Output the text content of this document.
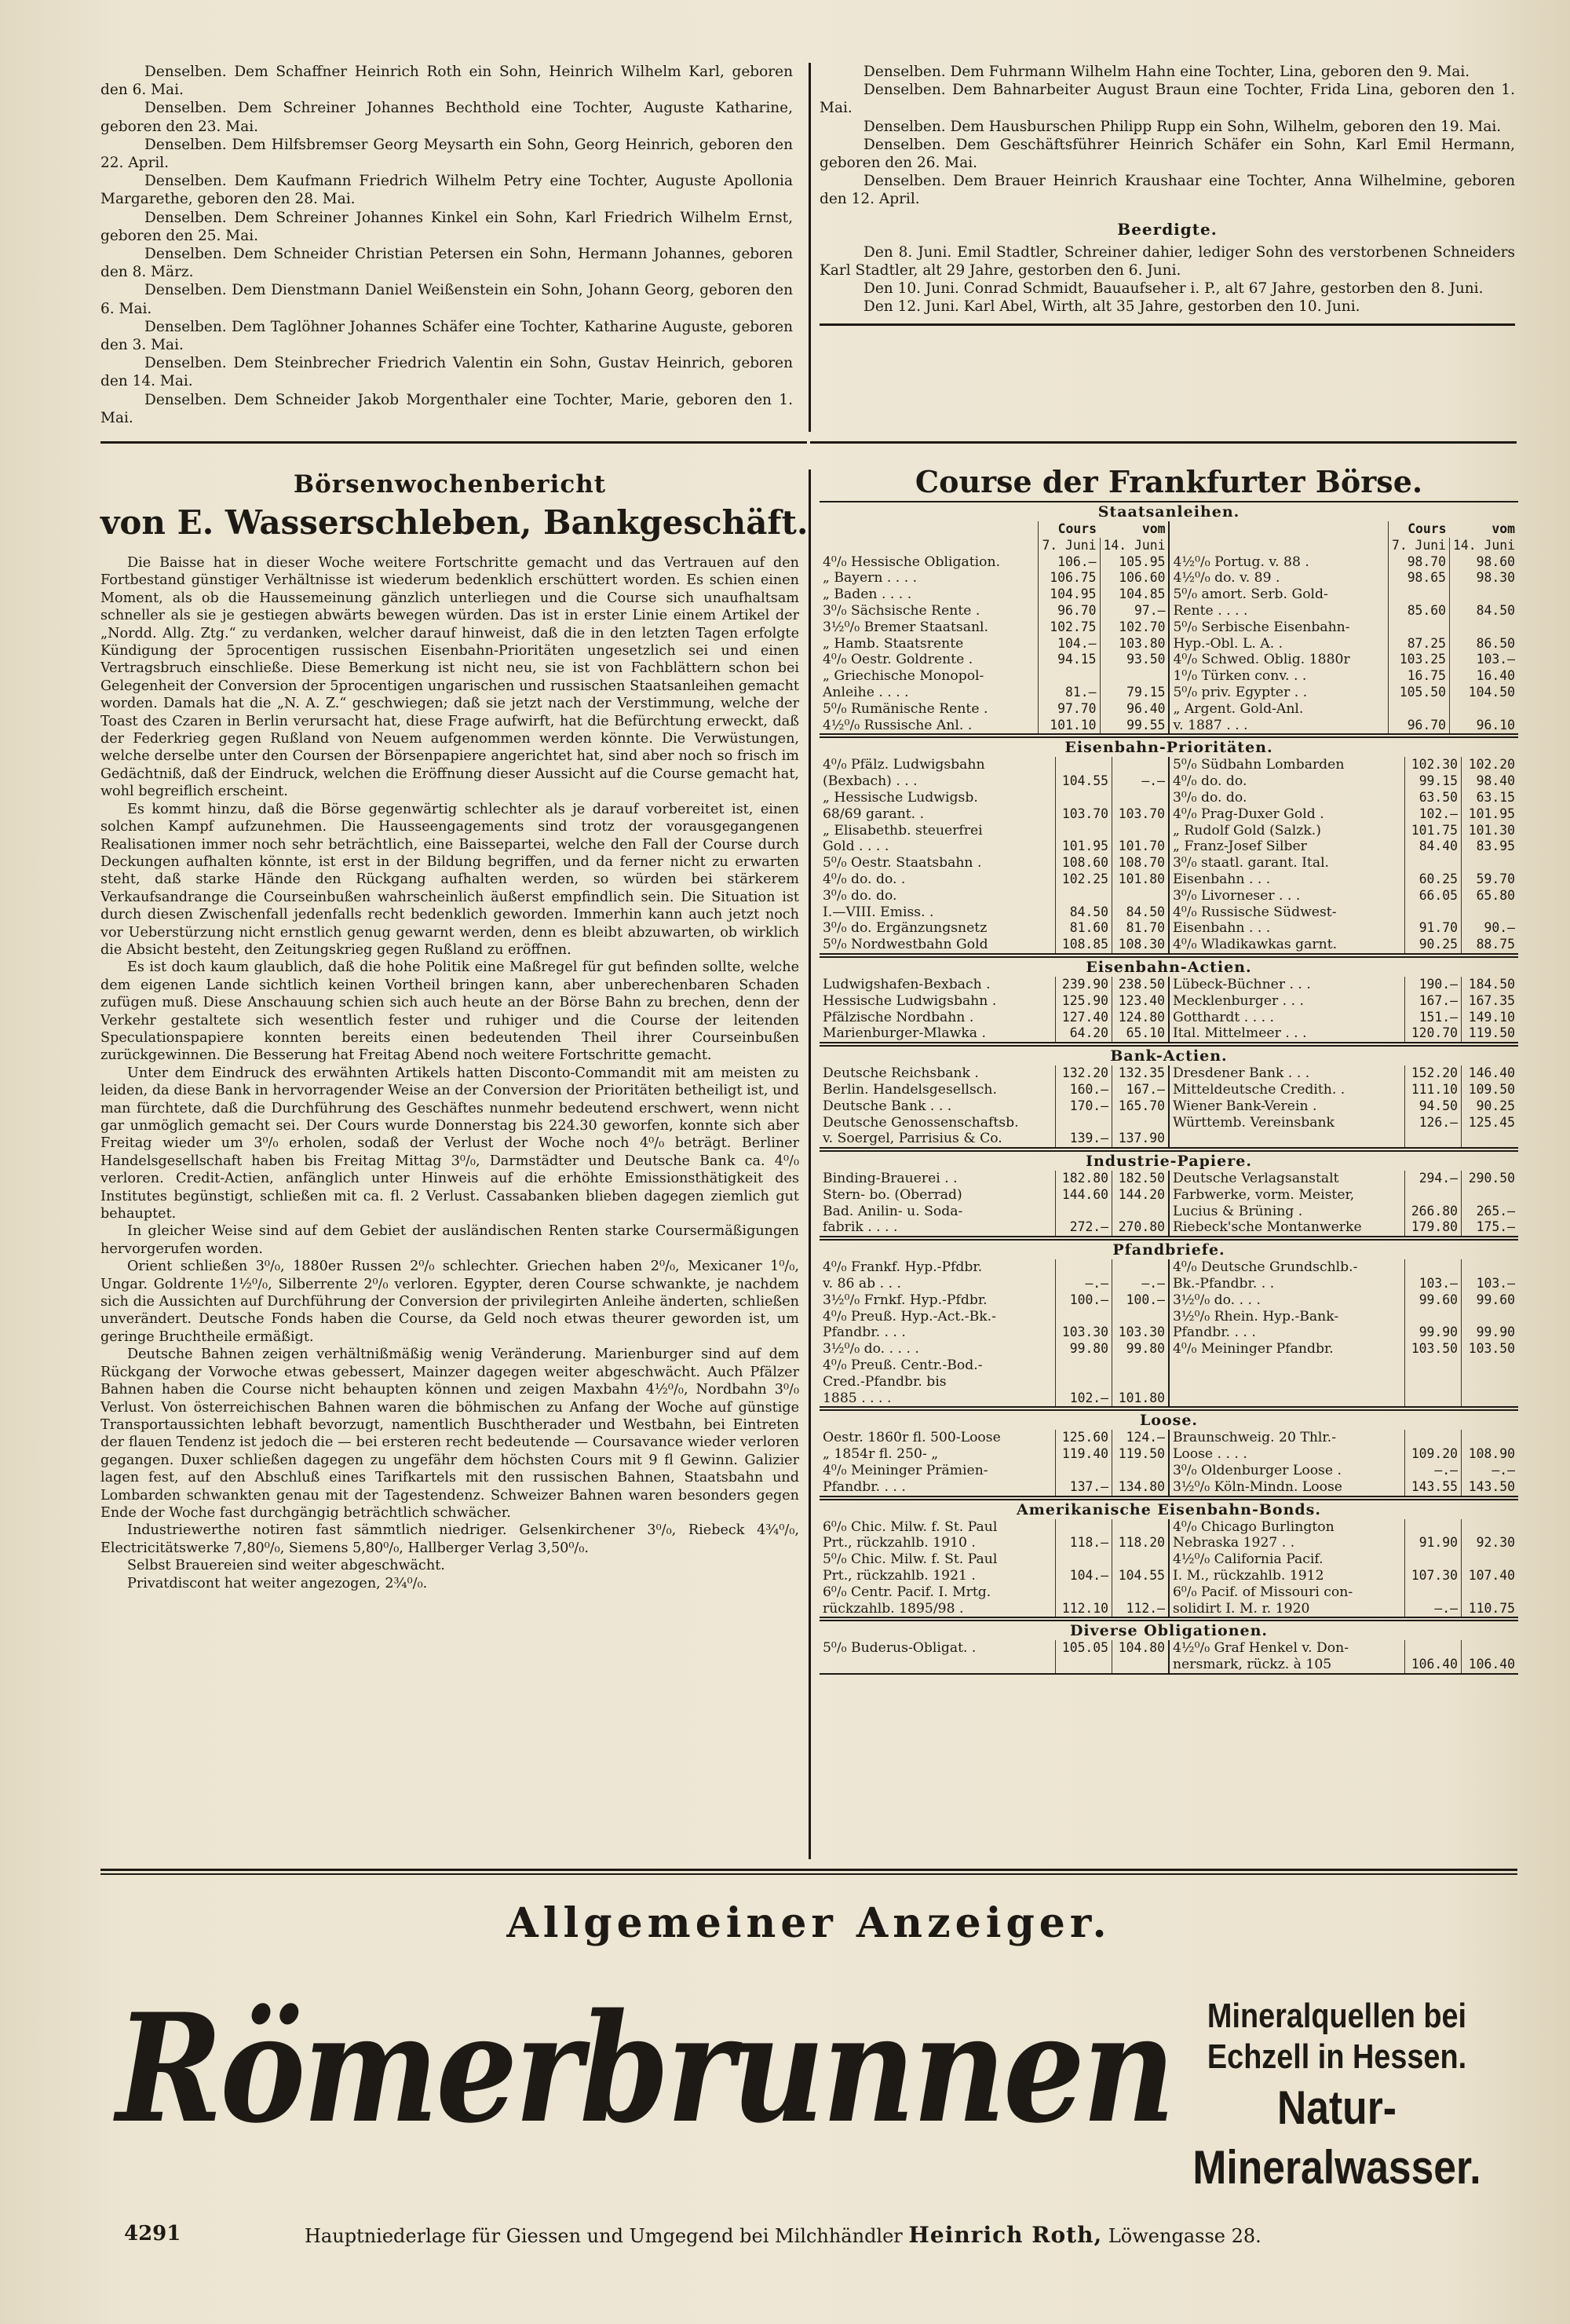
Denselben. Dem Schaffner Heinrich Roth ein Sohn, Heinrich Wilhelm Karl, geboren den 6. Mai.
Denselben. Dem Schreiner Johannes Bechthold eine Tochter, Auguste Katharine, geboren den 23. Mai.
Denselben. Dem Hilfsbremser Georg Meysarth ein Sohn, Georg Heinrich, geboren den 22. April.
Denselben. Dem Kaufmann Friedrich Wilhelm Petry eine Tochter, Auguste Apollonia Margarethe, geboren den 28. Mai.
Denselben. Dem Schreiner Johannes Kinkel ein Sohn, Karl Friedrich Wilhelm Ernst, geboren den 25. Mai.
Denselben. Dem Schneider Christian Petersen ein Sohn, Hermann Johannes, geboren den 8. März.
Denselben. Dem Dienstmann Daniel Weißenstein ein Sohn, Johann Georg, geboren den 6. Mai.
Denselben. Dem Taglöhner Johannes Schäfer eine Tochter, Katharine Auguste, geboren den 3. Mai.
Denselben. Dem Steinbrecher Friedrich Valentin ein Sohn, Gustav Heinrich, geboren den 14. Mai.
Denselben. Dem Schneider Jakob Morgenthaler eine Tochter, Marie, geboren den 1. Mai.
Denselben. Dem Fuhrmann Wilhelm Hahn eine Tochter, Lina, geboren den 9. Mai.
Denselben. Dem Bahnarbeiter August Braun eine Tochter, Frida Lina, geboren den 1. Mai.
Denselben. Dem Hausburschen Philipp Rupp ein Sohn, Wilhelm, geboren den 19. Mai.
Denselben. Dem Geschäftsführer Heinrich Schäfer ein Sohn, Karl Emil Hermann, geboren den 26. Mai.
Denselben. Dem Brauer Heinrich Kraushaar eine Tochter, Anna Wilhelmine, geboren den 12. April.
Beerdigte.
Den 8. Juni. Emil Stadtler, Schreiner dahier, lediger Sohn des verstorbenen Schneiders Karl Stadtler, alt 29 Jahre, gestorben den 6. Juni.
Den 10. Juni. Conrad Schmidt, Bauaufseher i. P., alt 67 Jahre, gestorben den 8. Juni.
Den 12. Juni. Karl Abel, Wirth, alt 35 Jahre, gestorben den 10. Juni.
Börsenwochenbericht
von E. Wasserschleben, Bankgeschäft.

Die Baisse hat in dieser Woche weitere Fortschritte gemacht und das Vertrauen auf den Fortbestand günstiger Verhältnisse ist wiederum bedenklich erschüttert worden. Es schien einen Moment, als ob die Haussemeinung gänzlich unterliegen und die Course sich unaufhaltsam schneller als sie je gestiegen abwärts bewegen würden. Das ist in erster Linie einem Artikel der „Nordd. Allg. Ztg.“ zu verdanken, welcher darauf hinweist, daß die in den letzten Tagen erfolgte Kündigung der 5procentigen russischen Eisenbahn-Prioritäten ungesetzlich sei und einen Vertragsbruch einschließe. Diese Bemerkung ist nicht neu, sie ist von Fachblättern schon bei Gelegenheit der Conversion der 5procentigen ungarischen und russischen Staatsanleihen gemacht worden. Damals hat die „N. A. Z.“ geschwiegen; daß sie jetzt nach der Verstimmung, welche der Toast des Czaren in Berlin verursacht hat, diese Frage aufwirft, hat die Befürchtung erweckt, daß der Federkrieg gegen Rußland von Neuem aufgenommen werden könnte. Die Verwüstungen, welche derselbe unter den Coursen der Börsenpapiere angerichtet hat, sind aber noch so frisch im Gedächtniß, daß der Eindruck, welchen die Eröffnung dieser Aussicht auf die Course gemacht hat, wohl begreiflich erscheint.

Es kommt hinzu, daß die Börse gegenwärtig schlechter als je darauf vorbereitet ist, einen solchen Kampf aufzunehmen. Die Hausseengagements sind trotz der vorausgegangenen Realisationen immer noch sehr beträchtlich, eine Baissepartei, welche den Fall der Course durch Deckungen aufhalten könnte, ist erst in der Bildung begriffen, und da ferner nicht zu erwarten steht, daß starke Hände den Rückgang aufhalten werden, so würden bei stärkerem Verkaufsandrange die Courseinbußen wahrscheinlich äußerst empfindlich sein. Die Situation ist durch diesen Zwischenfall jedenfalls recht bedenklich geworden. Immerhin kann auch jetzt noch vor Ueberstürzung nicht ernstlich genug gewarnt werden, denn es bleibt abzuwarten, ob wirklich die Absicht besteht, den Zeitungskrieg gegen Rußland zu eröffnen.

Es ist doch kaum glaublich, daß die hohe Politik eine Maßregel für gut befinden sollte, welche dem eigenen Lande sichtlich keinen Vortheil bringen kann, aber unberechenbaren Schaden zufügen muß. Diese Anschauung schien sich auch heute an der Börse Bahn zu brechen, denn der Verkehr gestaltete sich wesentlich fester und ruhiger und die Course der leitenden Speculationspapiere konnten bereits einen bedeutenden Theil ihrer Courseinbußen zurückgewinnen. Die Besserung hat Freitag Abend noch weitere Fortschritte gemacht.

Unter dem Eindruck des erwähnten Artikels hatten Disconto-Commandit mit am meisten zu leiden, da diese Bank in hervorragender Weise an der Conversion der Prioritäten betheiligt ist, und man fürchtete, daß die Durchführung des Geschäftes nunmehr bedeutend erschwert, wenn nicht gar unmöglich gemacht sei. Der Cours wurde Donnerstag bis 224.30 geworfen, konnte sich aber Freitag wieder um 3⁰/₀ erholen, sodaß der Verlust der Woche noch 4⁰/₀ beträgt. Berliner Handelsgesellschaft haben bis Freitag Mittag 3⁰/₀, Darmstädter und Deutsche Bank ca. 4⁰/₀ verloren. Credit-Actien, anfänglich unter Hinweis auf die erhöhte Emissionsthätigkeit des Institutes begünstigt, schließen mit ca. fl. 2 Verlust. Cassabanken blieben dagegen ziemlich gut behauptet.

In gleicher Weise sind auf dem Gebiet der ausländischen Renten starke Coursermäßigungen hervorgerufen worden.

Orient schließen 3⁰/₀, 1880er Russen 2⁰/₀ schlechter. Griechen haben 2⁰/₀, Mexicaner 1⁰/₀, Ungar. Goldrente 1½⁰/₀, Silberrente 2⁰/₀ verloren. Egypter, deren Course schwankte, je nachdem sich die Aussichten auf Durchführung der Conversion der privilegirten Anleihe änderten, schließen unverändert. Deutsche Fonds haben die Course, da Geld noch etwas theurer geworden ist, um geringe Bruchtheile ermäßigt.

Deutsche Bahnen zeigen verhältnißmäßig wenig Veränderung. Marienburger sind auf dem Rückgang der Vorwoche etwas gebessert, Mainzer dagegen weiter abgeschwächt. Auch Pfälzer Bahnen haben die Course nicht behaupten können und zeigen Maxbahn 4½⁰/₀, Nordbahn 3⁰/₀ Verlust. Von österreichischen Bahnen waren die böhmischen zu Anfang der Woche auf günstige Transportaussichten lebhaft bevorzugt, namentlich Buschtherader und Westbahn, bei Eintreten der flauen Tendenz ist jedoch die — bei ersteren recht bedeutende — Coursavance wieder verloren gegangen. Duxer schließen dagegen zu ungefähr dem höchsten Cours mit 9 fl Gewinn. Galizier lagen fest, auf den Abschluß eines Tarifkartels mit den russischen Bahnen, Staatsbahn und Lombarden schwankten genau mit der Tagestendenz. Schweizer Bahnen waren besonders gegen Ende der Woche fast durchgängig beträchtlich schwächer.

Industriewerthe notiren fast sämmtlich niedriger. Gelsenkirchener 3⁰/₀, Riebeck 4¾⁰/₀, Electricitätswerke 7,80⁰/₀, Siemens 5,80⁰/₀, Hallberger Verlag 3,50⁰/₀.

Selbst Brauereien sind weiter abgeschwächt.

Privatdiscont hat weiter angezogen, 2¾⁰/₀.

Course der Frankfurter Börse.
Staatsanleihen.
	Cours	vom		Cours	vom
	7. Juni	14. Juni		7. Juni	14. Juni
4⁰/₀ Hessische Obligation.	106.—	105.95	4½⁰/₀ Portug. v. 88 .	98.70	98.60
„ Bayern . . . .	106.75	106.60	4½⁰/₀ do. v. 89 .	98.65	98.30
„ Baden . . . .	104.95	104.85	5⁰/₀ amort. Serb. Gold-		
3⁰/₀ Sächsische Rente .	96.70	97.—	Rente . . . .	85.60	84.50
3½⁰/₀ Bremer Staatsanl.	102.75	102.70	5⁰/₀ Serbische Eisenbahn-		
„ Hamb. Staatsrente	104.—	103.80	Hyp.-Obl. L. A. .	87.25	86.50
4⁰/₀ Oestr. Goldrente .	94.15	93.50	4⁰/₀ Schwed. Oblig. 1880r	103.25	103.—
„ Griechische Monopol-			1⁰/₀ Türken conv. . .	16.75	16.40
Anleihe . . . .	81.—	79.15	5⁰/₀ priv. Egypter . .	105.50	104.50
5⁰/₀ Rumänische Rente .	97.70	96.40	„ Argent. Gold-Anl.		
4½⁰/₀ Russische Anl. .	101.10	99.55	v. 1887 . . .	96.70	96.10
Eisenbahn-Prioritäten.
4⁰/₀ Pfälz. Ludwigsbahn			5⁰/₀ Südbahn Lombarden	102.30	102.20
(Bexbach) . . .	104.55	—.—	4⁰/₀ do. do.	99.15	98.40
„ Hessische Ludwigsb.			3⁰/₀ do. do.	63.50	63.15
68/69 garant. .	103.70	103.70	4⁰/₀ Prag-Duxer Gold .	102.—	101.95
„ Elisabethb. steuerfrei			„ Rudolf Gold (Salzk.)	101.75	101.30
Gold . . . .	101.95	101.70	„ Franz-Josef Silber	84.40	83.95
5⁰/₀ Oestr. Staatsbahn .	108.60	108.70	3⁰/₀ staatl. garant. Ital.		
4⁰/₀ do. do. .	102.25	101.80	Eisenbahn . . .	60.25	59.70
3⁰/₀ do. do.			3⁰/₀ Livorneser . . .	66.05	65.80
I.—VIII. Emiss. .	84.50	84.50	4⁰/₀ Russische Südwest-		
3⁰/₀ do. Ergänzungsnetz	81.60	81.70	Eisenbahn . . .	91.70	90.—
5⁰/₀ Nordwestbahn Gold	108.85	108.30	4⁰/₀ Wladikawkas garnt.	90.25	88.75
Eisenbahn-Actien.
Ludwigshafen-Bexbach .	239.90	238.50	Lübeck-Büchner . . .	190.—	184.50
Hessische Ludwigsbahn .	125.90	123.40	Mecklenburger . . .	167.—	167.35
Pfälzische Nordbahn .	127.40	124.80	Gotthardt . . . .	151.—	149.10
Marienburger-Mlawka .	64.20	65.10	Ital. Mittelmeer . . .	120.70	119.50
Bank-Actien.
Deutsche Reichsbank .	132.20	132.35	Dresdener Bank . . .	152.20	146.40
Berlin. Handelsgesellsch.	160.—	167.—	Mitteldeutsche Credith. .	111.10	109.50
Deutsche Bank . . .	170.—	165.70	Wiener Bank-Verein .	94.50	90.25
Deutsche Genossenschaftsb.			Württemb. Vereinsbank	126.—	125.45
v. Soergel, Parrisius & Co.	139.—	137.90			
Industrie-Papiere.
Binding-Brauerei . .	182.80	182.50	Deutsche Verlagsanstalt	294.—	290.50
Stern- bo. (Oberrad)	144.60	144.20	Farbwerke, vorm. Meister,		
Bad. Anilin- u. Soda-			Lucius & Brüning .	266.80	265.—
fabrik . . . .	272.—	270.80	Riebeck'sche Montanwerke	179.80	175.—
Pfandbriefe.
4⁰/₀ Frankf. Hyp.-Pfdbr.			4⁰/₀ Deutsche Grundschlb.-		
v. 86 ab . . .	—.—	—.—	Bk.-Pfandbr. . .	103.—	103.—
3½⁰/₀ Frnkf. Hyp.-Pfdbr.	100.—	100.—	3½⁰/₀ do. . . .	99.60	99.60
4⁰/₀ Preuß. Hyp.-Act.-Bk.-			3½⁰/₀ Rhein. Hyp.-Bank-		
Pfandbr. . . .	103.30	103.30	Pfandbr. . . .	99.90	99.90
3½⁰/₀ do. . . . .	99.80	99.80	4⁰/₀ Meininger Pfandbr.	103.50	103.50
4⁰/₀ Preuß. Centr.-Bod.-					
Cred.-Pfandbr. bis					
1885 . . . .	102.—	101.80			
Loose.
Oestr. 1860r fl. 500-Loose	125.60	124.—	Braunschweig. 20 Thlr.-		
„ 1854r fl. 250- „	119.40	119.50	Loose . . . .	109.20	108.90
4⁰/₀ Meininger Prämien-			3⁰/₀ Oldenburger Loose .	—.—	—.—
Pfandbr. . . .	137.—	134.80	3½⁰/₀ Köln-Mindn. Loose	143.55	143.50
Amerikanische Eisenbahn-Bonds.
6⁰/₀ Chic. Milw. f. St. Paul			4⁰/₀ Chicago Burlington		
Prt., rückzahlb. 1910 .	118.—	118.20	Nebraska 1927 . .	91.90	92.30
5⁰/₀ Chic. Milw. f. St. Paul			4½⁰/₀ California Pacif.		
Prt., rückzahlb. 1921 .	104.—	104.55	I. M., rückzahlb. 1912	107.30	107.40
6⁰/₀ Centr. Pacif. I. Mrtg.			6⁰/₀ Pacif. of Missouri con-		
rückzahlb. 1895/98 .	112.10	112.—	solidirt I. M. r. 1920	—.—	110.75
Diverse Obligationen.
5⁰/₀ Buderus-Obligat. .	105.05	104.80	4½⁰/₀ Graf Henkel v. Don-		
			nersmark, rückz. à 105	106.40	106.40
Allgemeiner Anzeiger.
Römerbrunnen Mineralquellen bei
Echzell in Hessen.
Natur-
Mineralwasser.
4291	Hauptniederlage für Giessen und Umgegend bei Milchhändler Heinrich Roth, Löwengasse 28.
